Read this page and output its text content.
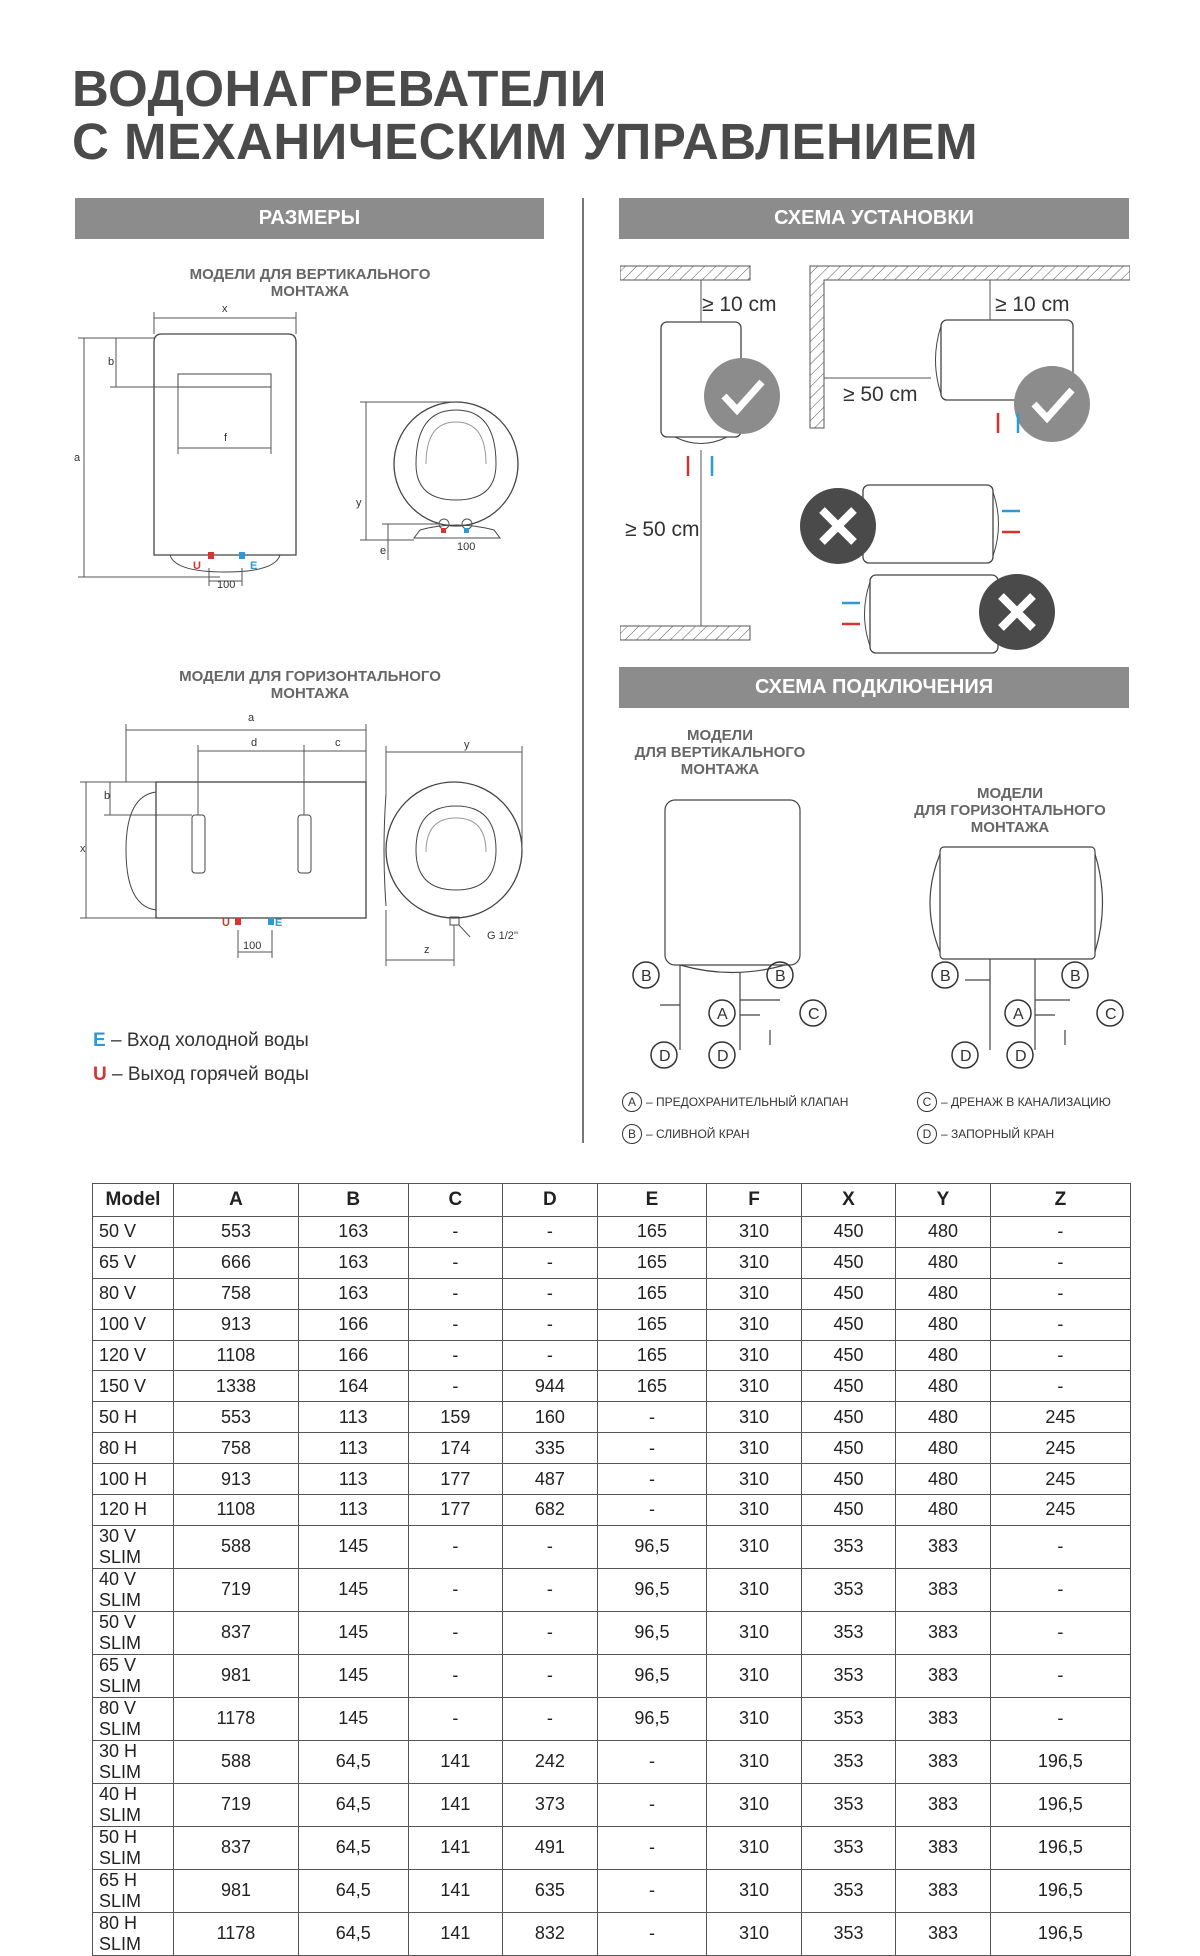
ВОДОНАГРЕВАТЕЛИ
С МЕХАНИЧЕСКИМ УПРАВЛЕНИЕМ
РАЗМЕРЫ	СХЕМА УСТАНОВКИ
СХЕМА ПОДКЛЮЧЕНИЯ
МОДЕЛИ ДЛЯ ВЕРТИКАЛЬНОГО
МОНТАЖА
x
a
b
f
y
e
100
100
U	E
МОДЕЛИ ДЛЯ ГОРИЗОНТАЛЬНОГО
МОНТАЖА
a
d	c
x
b
y
z
100
G 1/2''
U	E
E – Вход холодной воды
U – Выход горячей воды
≥ 10 cm	≥ 10 cm
≥ 50 cm
≥ 50 cm
МОДЕЛИ
ДЛЯ ВЕРТИКАЛЬНОГО
МОНТАЖА
МОДЕЛИ
ДЛЯ ГОРИЗОНТАЛЬНОГО
МОНТАЖА
B	B
A	C
D	D
B	B
A	C
D	D
A – ПРЕДОХРАНИТЕЛЬНЫЙ КЛАПАН
B – СЛИВНОЙ КРАН
C – ДРЕНАЖ В КАНАЛИЗАЦИЮ
D – ЗАПОРНЫЙ КРАН
Model	A	B	C	D	E	F	X	Y	Z
50 V	553	163	-	-	165	310	450	480	-
65 V	666	163	-	-	165	310	450	480	-
80 V	758	163	-	-	165	310	450	480	-
100 V	913	166	-	-	165	310	450	480	-
120 V	1108	166	-	-	165	310	450	480	-
150 V	1338	164	-	944	165	310	450	480	-
50 H	553	113	159	160	-	310	450	480	245
80 H	758	113	174	335	-	310	450	480	245
100 H	913	113	177	487	-	310	450	480	245
120 H	1108	113	177	682	-	310	450	480	245
30 V SLIM	588	145	-	-	96,5	310	353	383	-
40 V SLIM	719	145	-	-	96,5	310	353	383	-
50 V SLIM	837	145	-	-	96,5	310	353	383	-
65 V SLIM	981	145	-	-	96,5	310	353	383	-
80 V SLIM	1178	145	-	-	96,5	310	353	383	-
30 H SLIM	588	64,5	141	242	-	310	353	383	196,5
40 H SLIM	719	64,5	141	373	-	310	353	383	196,5
50 H SLIM	837	64,5	141	491	-	310	353	383	196,5
65 H SLIM	981	64,5	141	635	-	310	353	383	196,5
80 H SLIM	1178	64,5	141	832	-	310	353	383	196,5
